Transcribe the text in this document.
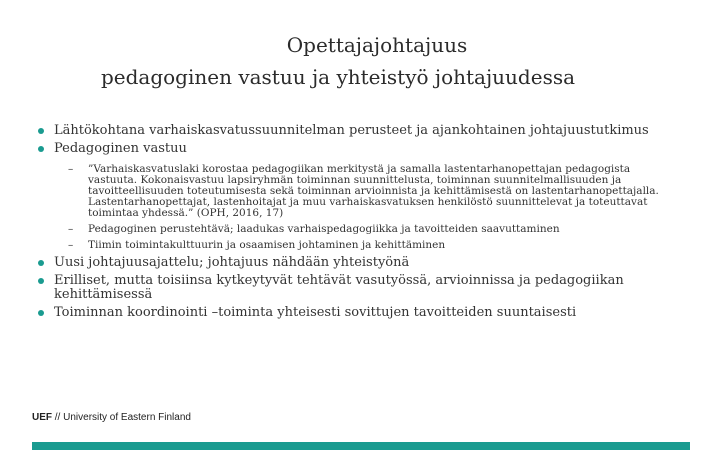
Opettajajohtajuus
pedagoginen vastuu ja yhteistyö johtajuudessa
Lähtökohtana varhaiskasvatussuunnitelman perusteet ja ajankohtainen johtajuustutkimus
Pedagoginen vastuu
– ”Varhaiskasvatuslaki korostaa pedagogiikan merkitystä ja samalla lastentarhanopettajan pedagogista vastuuta. Kokonaisvastuu lapsiryhmän toiminnan suunnittelusta, toiminnan suunnitelmallisuuden ja tavoitteellisuuden toteutumisesta sekä toiminnan arvioinnista ja kehittämisestä on lastentarhanopettajalla. Lastentarhanopettajat, lastenhoitajat ja muu varhaiskasvatuksen henkilöstö suunnittelevat ja toteuttavat toimintaa yhdessä.” (OPH, 2016, 17)
– Pedagoginen perustehtävä; laadukas varhaispedagogiikka ja tavoitteiden saavuttaminen
– Tiimin toimintakulttuurin ja osaamisen johtaminen ja kehittäminen
Uusi johtajuusajattelu; johtajuus nähdään yhteistyönä
Erilliset, mutta toisiinsa kytkeytyvät tehtävät vasutyössä, arvioinnissa ja pedagogiikan kehittämisessä
Toiminnan koordinointi –toiminta yhteisesti sovittujen tavoitteiden suuntaisesti
UEF // University of Eastern Finland
